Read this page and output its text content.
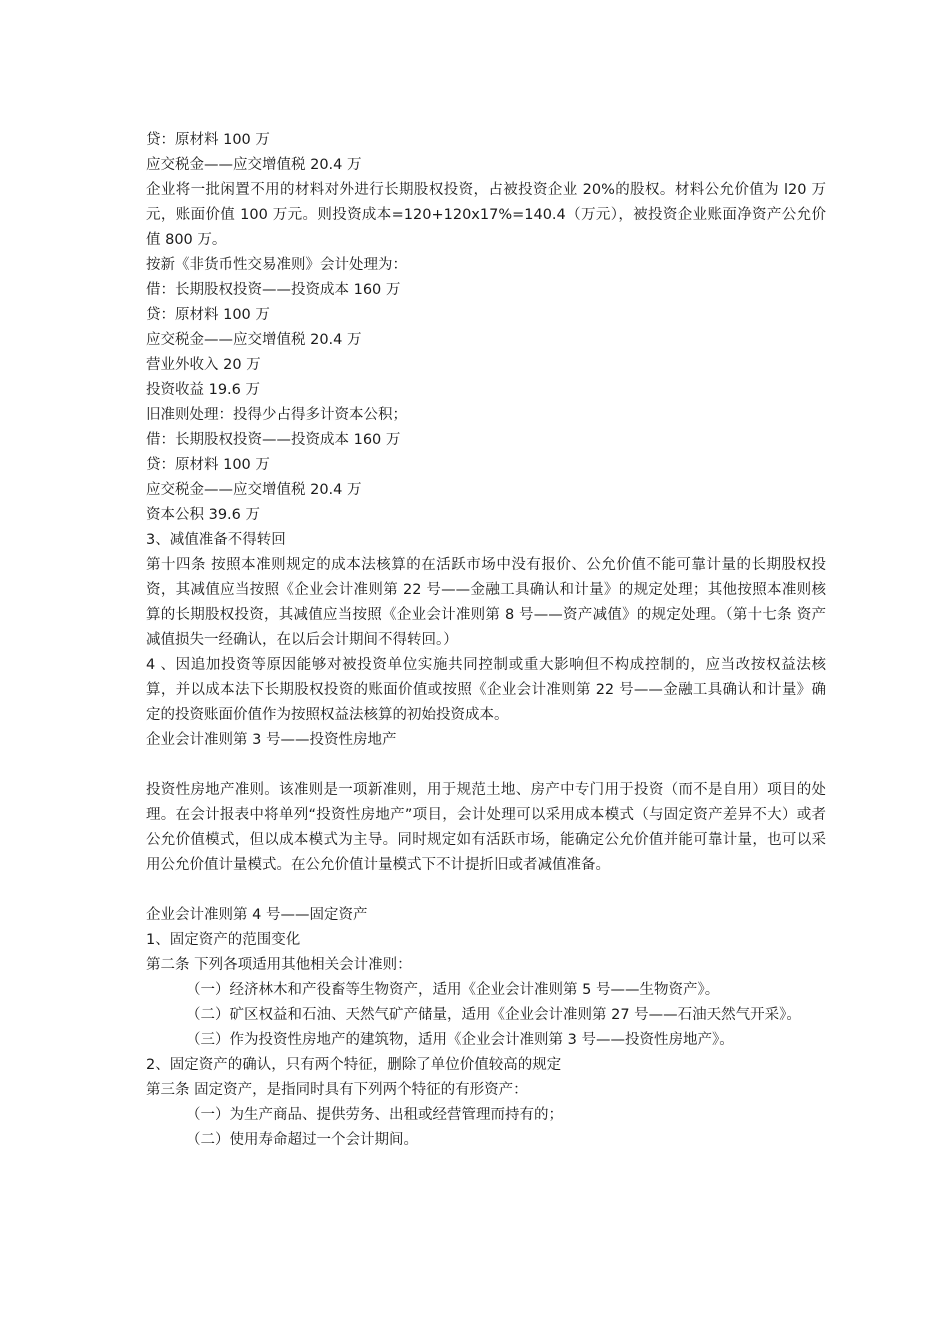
贷：原材料 100 万
应交税金——应交增值税 20.4 万
企业将一批闲置不用的材料对外进行长期股权投资，占被投资企业 20%的股权。材料公允价值为 l20 万元，账面价值 100 万元。则投资成本=120+120x17%=140.4（万元），被投资企业账面净资产公允价值 800 万。
按新《非货币性交易准则》会计处理为：
借：长期股权投资——投资成本 160 万
贷：原材料 100 万
应交税金——应交增值税 20.4 万
营业外收入 20 万
投资收益 19.6 万
旧准则处理：投得少占得多计资本公积；
借：长期股权投资——投资成本 160 万
贷：原材料 100 万
应交税金——应交增值税 20.4 万
资本公积 39.6 万
3、减值准备不得转回
第十四条 按照本准则规定的成本法核算的在活跃市场中没有报价、公允价值不能可靠计量的长期股权投资，其减值应当按照《企业会计准则第 22 号——金融工具确认和计量》的规定处理；其他按照本准则核算的长期股权投资，其减值应当按照《企业会计准则第 8 号——资产减值》的规定处理。（第十七条 资产减值损失一经确认，在以后会计期间不得转回。）
4 、因追加投资等原因能够对被投资单位实施共同控制或重大影响但不构成控制的，应当改按权益法核算，并以成本法下长期股权投资的账面价值或按照《企业会计准则第 22 号——金融工具确认和计量》确定的投资账面价值作为按照权益法核算的初始投资成本。
企业会计准则第 3 号——投资性房地产
投资性房地产准则。该准则是一项新准则，用于规范土地、房产中专门用于投资（而不是自用）项目的处理。在会计报表中将单列“投资性房地产”项目，会计处理可以采用成本模式（与固定资产差异不大）或者公允价值模式，但以成本模式为主导。同时规定如有活跃市场，能确定公允价值并能可靠计量，也可以采用公允价值计量模式。在公允价值计量模式下不计提折旧或者减值准备。
企业会计准则第 4 号——固定资产
1、固定资产的范围变化
第二条 下列各项适用其他相关会计准则：
（一）经济林木和产役畜等生物资产，适用《企业会计准则第 5 号——生物资产》。
（二）矿区权益和石油、天然气矿产储量，适用《企业会计准则第 27 号——石油天然气开采》。
（三）作为投资性房地产的建筑物，适用《企业会计准则第 3 号——投资性房地产》。
2、固定资产的确认，只有两个特征，删除了单位价值较高的规定
第三条 固定资产，是指同时具有下列两个特征的有形资产：
（一）为生产商品、提供劳务、出租或经营管理而持有的；
（二）使用寿命超过一个会计期间。
